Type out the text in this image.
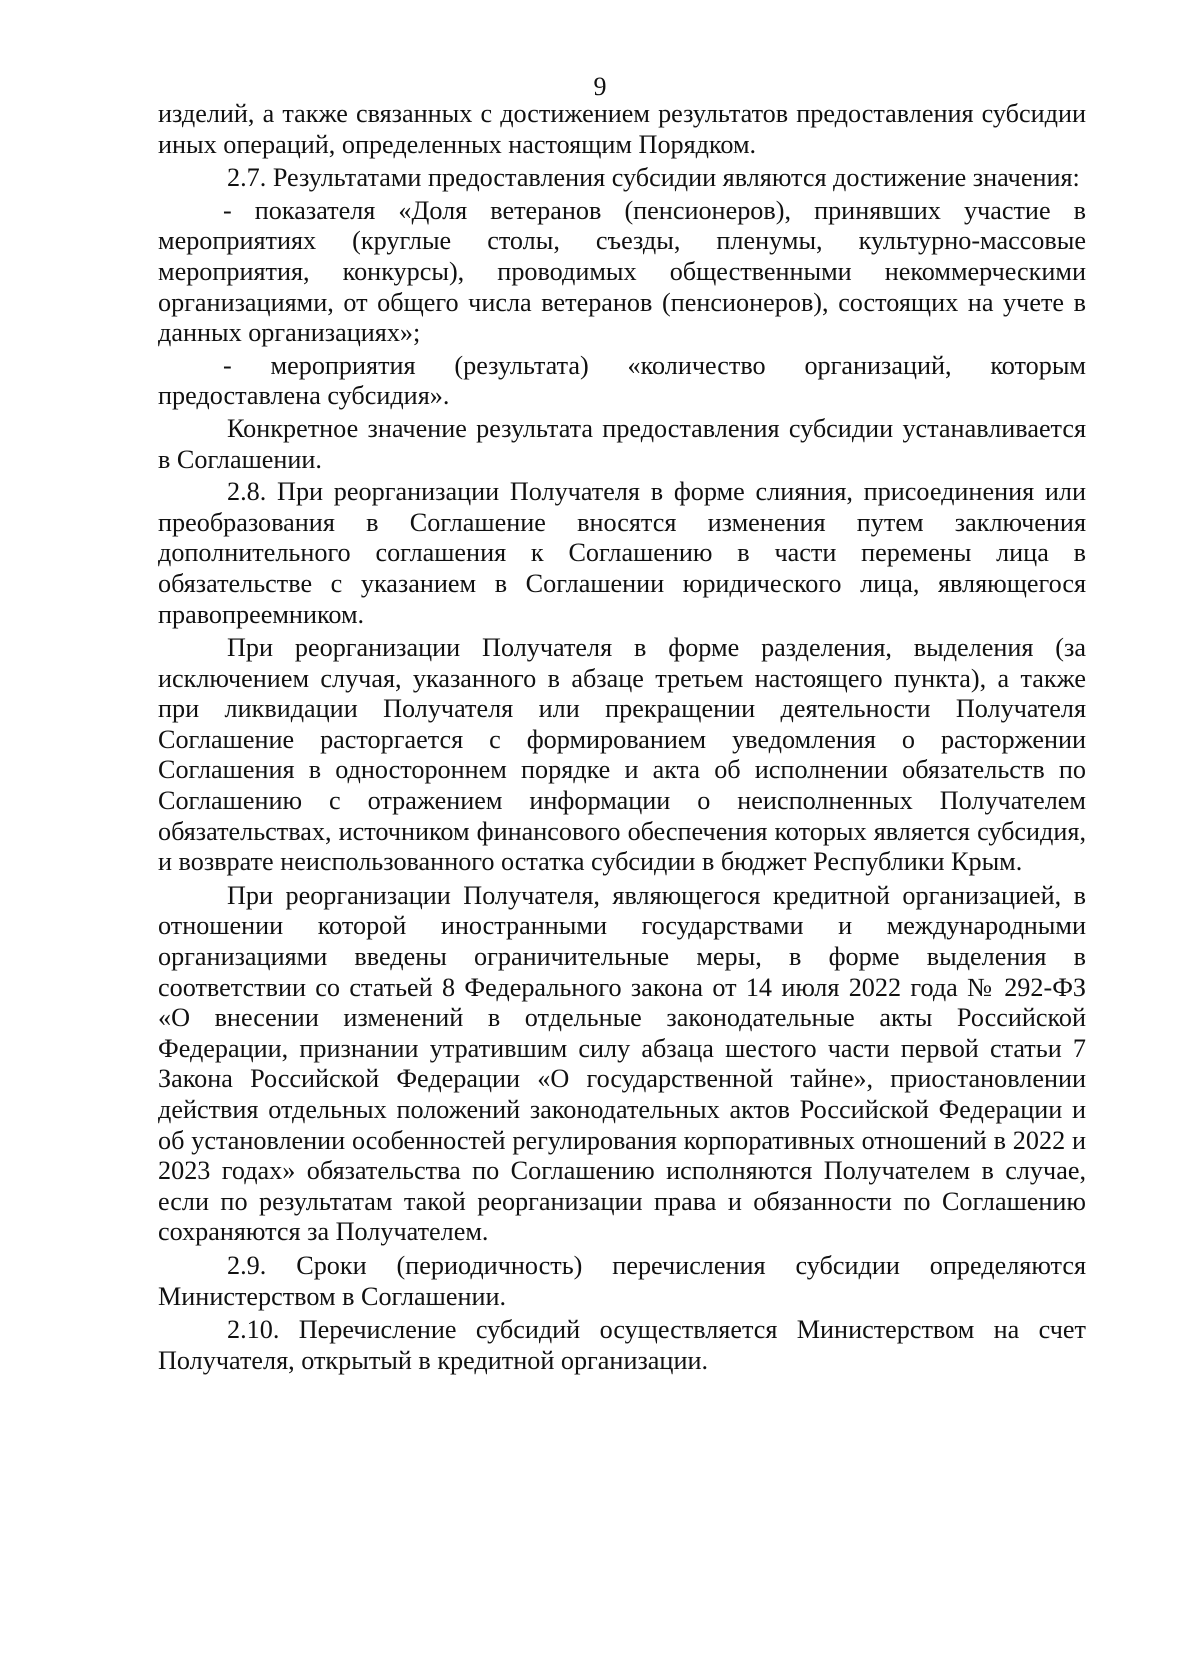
9

изделий, а также связанных с достижением результатов предоставления субсидии иных операций, определенных настоящим Порядком.

2.7. Результатами предоставления субсидии являются достижение значения:

- показателя «Доля ветеранов (пенсионеров), принявших участие в мероприятиях (круглые столы, съезды, пленумы, культурно-массовые мероприятия, конкурсы), проводимых общественными некоммерческими организациями, от общего числа ветеранов (пенсионеров), состоящих на учете в данных организациях»;

- мероприятия (результата) «количество организаций, которым предоставлена субсидия».

Конкретное значение результата предоставления субсидии устанавливается в Соглашении.

2.8. При реорганизации Получателя в форме слияния, присоединения или преобразования в Соглашение вносятся изменения путем заключения дополнительного соглашения к Соглашению в части перемены лица в обязательстве с указанием в Соглашении юридического лица, являющегося правопреемником.

При реорганизации Получателя в форме разделения, выделения (за исключением случая, указанного в абзаце третьем настоящего пункта), а также при ликвидации Получателя или прекращении деятельности Получателя Соглашение расторгается с формированием уведомления о расторжении Соглашения в одностороннем порядке и акта об исполнении обязательств по Соглашению с отражением информации о неисполненных Получателем обязательствах, источником финансового обеспечения которых является субсидия, и возврате неиспользованного остатка субсидии в бюджет Республики Крым.

При реорганизации Получателя, являющегося кредитной организацией, в отношении которой иностранными государствами и международными организациями введены ограничительные меры, в форме выделения в соответствии со статьей 8 Федерального закона от 14 июля 2022 года № 292-ФЗ «О внесении изменений в отдельные законодательные акты Российской Федерации, признании утратившим силу абзаца шестого части первой статьи 7 Закона Российской Федерации «О государственной тайне», приостановлении действия отдельных положений законодательных актов Российской Федерации и об установлении особенностей регулирования корпоративных отношений в 2022 и 2023 годах» обязательства по Соглашению исполняются Получателем в случае, если по результатам такой реорганизации права и обязанности по Соглашению сохраняются за Получателем.

2.9. Сроки (периодичность) перечисления субсидии определяются Министерством в Соглашении.

2.10. Перечисление субсидий осуществляется Министерством на счет Получателя, открытый в кредитной организации.
